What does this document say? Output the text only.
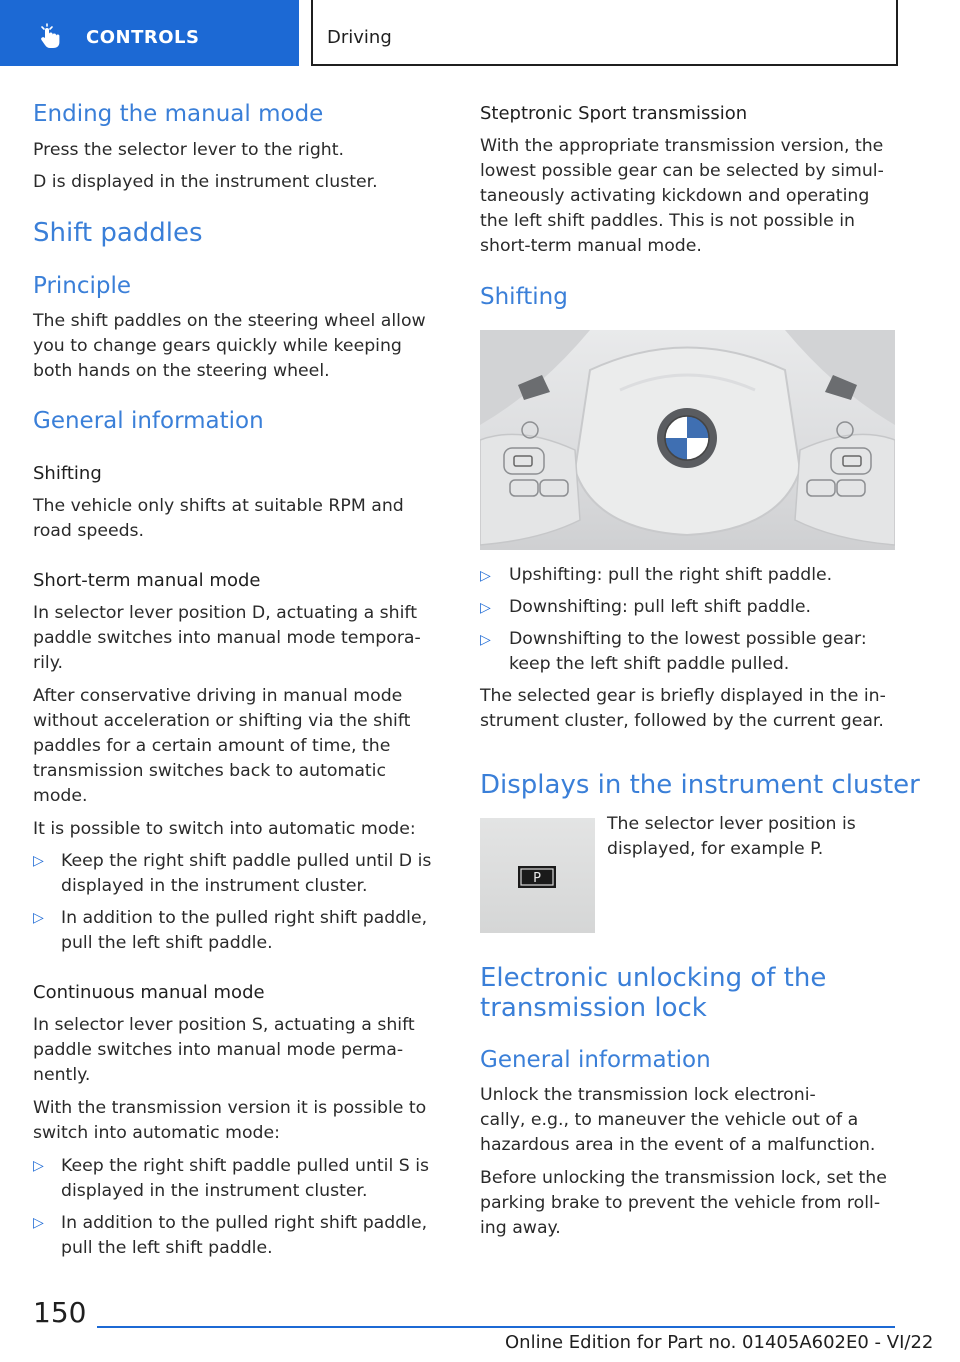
CONTROLS	Driving
Ending the manual mode
Press the selector lever to the right.
D is displayed in the instrument cluster.
Shift paddles
Principle
The shift paddles on the steering wheel allow
you to change gears quickly while keeping
both hands on the steering wheel.
General information
Shifting
The vehicle only shifts at suitable RPM and
road speeds.
Short-term manual mode
In selector lever position D, actuating a shift
paddle switches into manual mode tempora‐
rily.
After conservative driving in manual mode
without acceleration or shifting via the shift
paddles for a certain amount of time, the
transmission switches back to automatic
mode.
It is possible to switch into automatic mode:
▷ Keep the right shift paddle pulled until D is
displayed in the instrument cluster.
▷ In addition to the pulled right shift paddle,
pull the left shift paddle.
Continuous manual mode
In selector lever position S, actuating a shift
paddle switches into manual mode perma‐
nently.
With the transmission version it is possible to
switch into automatic mode:
▷ Keep the right shift paddle pulled until S is
displayed in the instrument cluster.
▷ In addition to the pulled right shift paddle,
pull the left shift paddle.
Steptronic Sport transmission
With the appropriate transmission version, the
lowest possible gear can be selected by simul‐
taneously activating kickdown and operating
the left shift paddles. This is not possible in
short-term manual mode.
Shifting
▷ Upshifting: pull the right shift paddle.
▷ Downshifting: pull left shift paddle.
▷ Downshifting to the lowest possible gear:
keep the left shift paddle pulled.
The selected gear is briefly displayed in the in‐
strument cluster, followed by the current gear.
Displays in the instrument cluster
The selector lever position is
displayed, for example P.
Electronic unlocking of the
transmission lock
General information
Unlock the transmission lock electroni‐
cally, e.g., to maneuver the vehicle out of a
hazardous area in the event of a malfunction.
Before unlocking the transmission lock, set the
parking brake to prevent the vehicle from roll‐
ing away.
P
150
Online Edition for Part no. 01405A602E0 - VI/22
